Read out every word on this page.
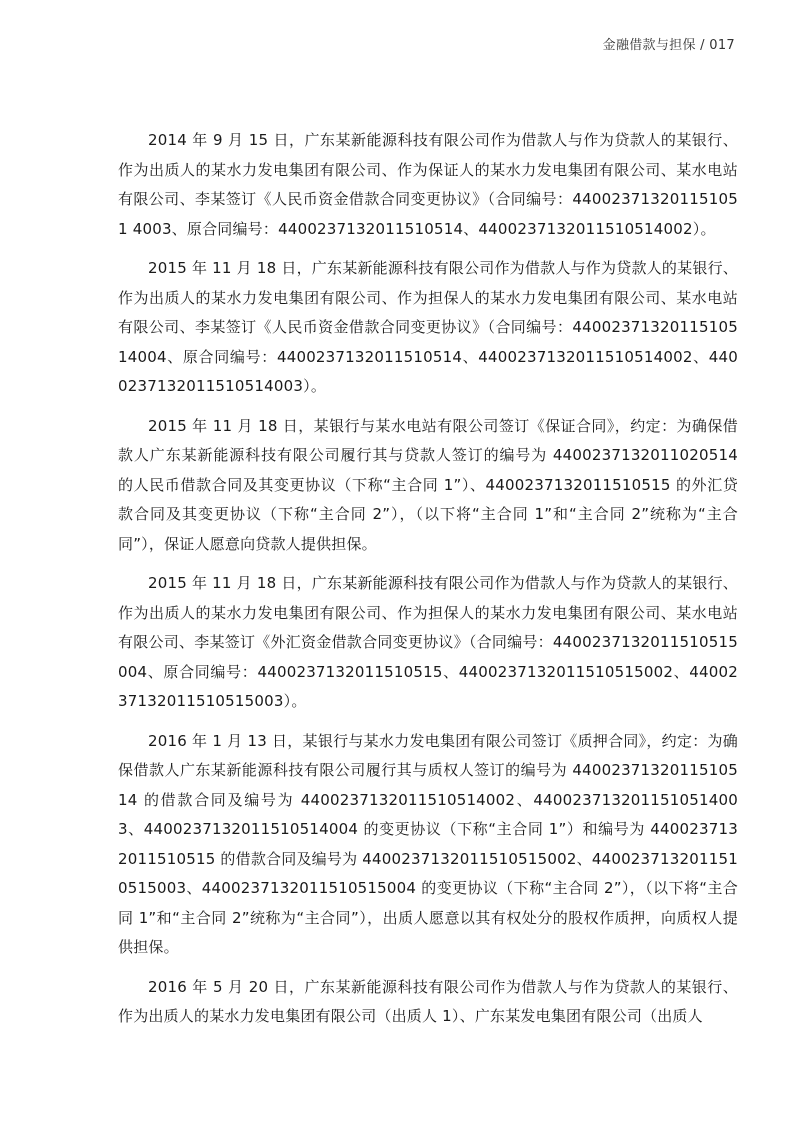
金融借款与担保 / 017

2014 年 9 月 15 日，广东某新能源科技有限公司作为借款人与作为贷款人的某银行、作为出质人的某水力发电集团有限公司、作为保证人的某水力发电集团有限公司、某水电站有限公司、李某签订《人民币资金借款合同变更协议》（合同编号：440023713201151051 4003、原合同编号：4400237132011510514、4400237132011510514002）。

2015 年 11 月 18 日，广东某新能源科技有限公司作为借款人与作为贷款人的某银行、作为出质人的某水力发电集团有限公司、作为担保人的某水力发电集团有限公司、某水电站有限公司、李某签订《人民币资金借款合同变更协议》（合同编号：4400237132011510514004、原合同编号：4400237132011510514、4400237132011510514002、4400237132011510514003）。

2015 年 11 月 18 日，某银行与某水电站有限公司签订《保证合同》，约定：为确保借款人广东某新能源科技有限公司履行其与贷款人签订的编号为 4400237132011020514 的人民币借款合同及其变更协议（下称“主合同 1”）、4400237132011510515 的外汇贷款合同及其变更协议（下称“主合同 2”），（以下将“主合同 1”和“主合同 2”统称为“主合同”），保证人愿意向贷款人提供担保。

2015 年 11 月 18 日，广东某新能源科技有限公司作为借款人与作为贷款人的某银行、作为出质人的某水力发电集团有限公司、作为担保人的某水力发电集团有限公司、某水电站有限公司、李某签订《外汇资金借款合同变更协议》（合同编号：4400237132011510515004、原合同编号：4400237132011510515、4400237132011510515002、4400237132011510515003）。

2016 年 1 月 13 日，某银行与某水力发电集团有限公司签订《质押合同》，约定：为确保借款人广东某新能源科技有限公司履行其与质权人签订的编号为 4400237132011510514 的借款合同及编号为 4400237132011510514002、4400237132011510514003、4400237132011510514004 的变更协议（下称“主合同 1”）和编号为 4400237132011510515 的借款合同及编号为 4400237132011510515002、4400237132011510515003、4400237132011510515004 的变更协议（下称“主合同 2”），（以下将“主合同 1”和“主合同 2”统称为“主合同”），出质人愿意以其有权处分的股权作质押，向质权人提供担保。

2016 年 5 月 20 日，广东某新能源科技有限公司作为借款人与作为贷款人的某银行、作为出质人的某水力发电集团有限公司（出质人 1）、广东某发电集团有限公司（出质人
